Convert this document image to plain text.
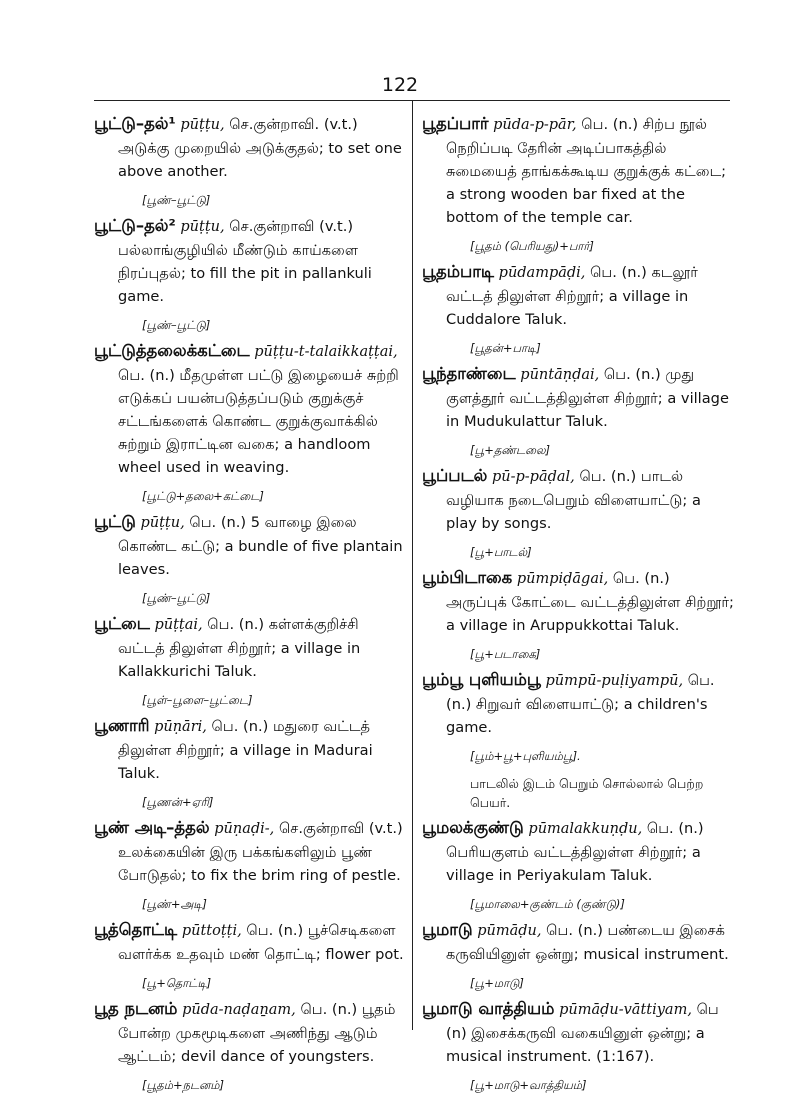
122
பூட்டு–தல்¹ pūṭṭu, செ.குன்றாவி. (v.t.) அடுக்கு முறையில் அடுக்குதல்; to set one above another.
[பூண்–பூட்டு]
பூட்டு–தல்² pūṭṭu, செ.குன்றாவி (v.t.) பல்லாங்குழியில் மீண்டும் காய்களை நிரப்புதல்; to fill the pit in pallankuli game.
[பூண்–பூட்டு]
பூட்டுத்தலைக்கட்டை pūṭṭu-t-talaikkaṭṭai, பெ. (n.) மீதமுள்ள பட்டு இழையைச் சுற்றி எடுக்கப் பயன்படுத்தப்படும் குறுக்குச் சட்டங்களைக் கொண்ட குறுக்குவாக்கில் சுற்றும் இராட்டின வகை; a handloom wheel used in weaving.
[பூட்டு+தலை+கட்டை]
பூட்டு pūṭṭu, பெ. (n.) 5 வாழை இலை கொண்ட கட்டு; a bundle of five plantain leaves.
[பூண்–பூட்டு]
பூட்டை pūṭṭai, பெ. (n.) கள்ளக்குறிச்சி வட்டத் திலுள்ள சிற்றூர்; a village in Kallakkurichi Taluk.
[பூள்–பூளை–பூட்டை]
பூணாரி pūṇāri, பெ. (n.) மதுரை வட்டத் திலுள்ள சிற்றூர்; a village in Madurai Taluk.
[பூணன்+ஏரி]
பூண் அடி–த்தல் pūṇaḍi-, செ.குன்றாவி (v.t.) உலக்கையின் இரு பக்கங்களிலும் பூண் போடுதல்; to fix the brim ring of pestle.
[பூண்+அடி]
பூத்தொட்டி pūttoṭṭi, பெ. (n.) பூச்செடிகளை வளர்க்க உதவும் மண் தொட்டி; flower pot.
[பூ+தொட்டி]
பூத நடனம் pūda-naḍaṉam, பெ. (n.) பூதம் போன்ற முகமூடிகளை அணிந்து ஆடும் ஆட்டம்; devil dance of youngsters.
[பூதம்+நடனம்]
பூதப்பார் pūda-p-pār, பெ. (n.) சிற்ப நூல் நெறிப்படி தேரின் அடிப்பாகத்தில் சுமையைத் தாங்கக்கூடிய குறுக்குக் கட்டை; a strong wooden bar fixed at the bottom of the temple car.
[பூதம் (பெரியது)+பார்]
பூதம்பாடி pūdampāḍi, பெ. (n.) கடலூர் வட்டத் திலுள்ள சிற்றூர்; a village in Cuddalore Taluk.
[பூதன்+பாடி]
பூந்தாண்டை pūntāṇḍai, பெ. (n.) முது குளத்தூர் வட்டத்திலுள்ள சிற்றூர்; a village in Mudukulattur Taluk.
[பூ+தண்டலை]
பூப்படல் pū-p-pāḍal, பெ. (n.) பாடல் வழியாக நடைபெறும் விளையாட்டு; a play by songs.
[பூ+பாடல்]
பூம்பிடாகை pūmpiḍāgai, பெ. (n.) அருப்புக் கோட்டை வட்டத்திலுள்ள சிற்றூர்; a village in Aruppukkottai Taluk.
[பூ+படாகை]
பூம்பூ புளியம்பூ pūmpū-puḷiyampū, பெ. (n.) சிறுவர் விளையாட்டு; a children's game.
[பூம்+பூ+புளியம்பூ].
பாடலில் இடம் பெறும் சொல்லால் பெற்ற பெயர்.
பூமலக்குண்டு pūmalakkuṇḍu, பெ. (n.) பெரியகுளம் வட்டத்திலுள்ள சிற்றூர்; a village in Periyakulam Taluk.
[பூமாலை+குண்டம் (குண்டு)]
பூமாடு pūmāḍu, பெ. (n.) பண்டைய இசைக் கருவியினுள் ஒன்று; musical instrument.
[பூ+மாடு]
பூமாடு வாத்தியம் pūmāḍu-vāttiyam, பெ (n) இசைக்கருவி வகையினுள் ஒன்று; a musical instrument. (1:167).
[பூ+மாடு+வாத்தியம்]
